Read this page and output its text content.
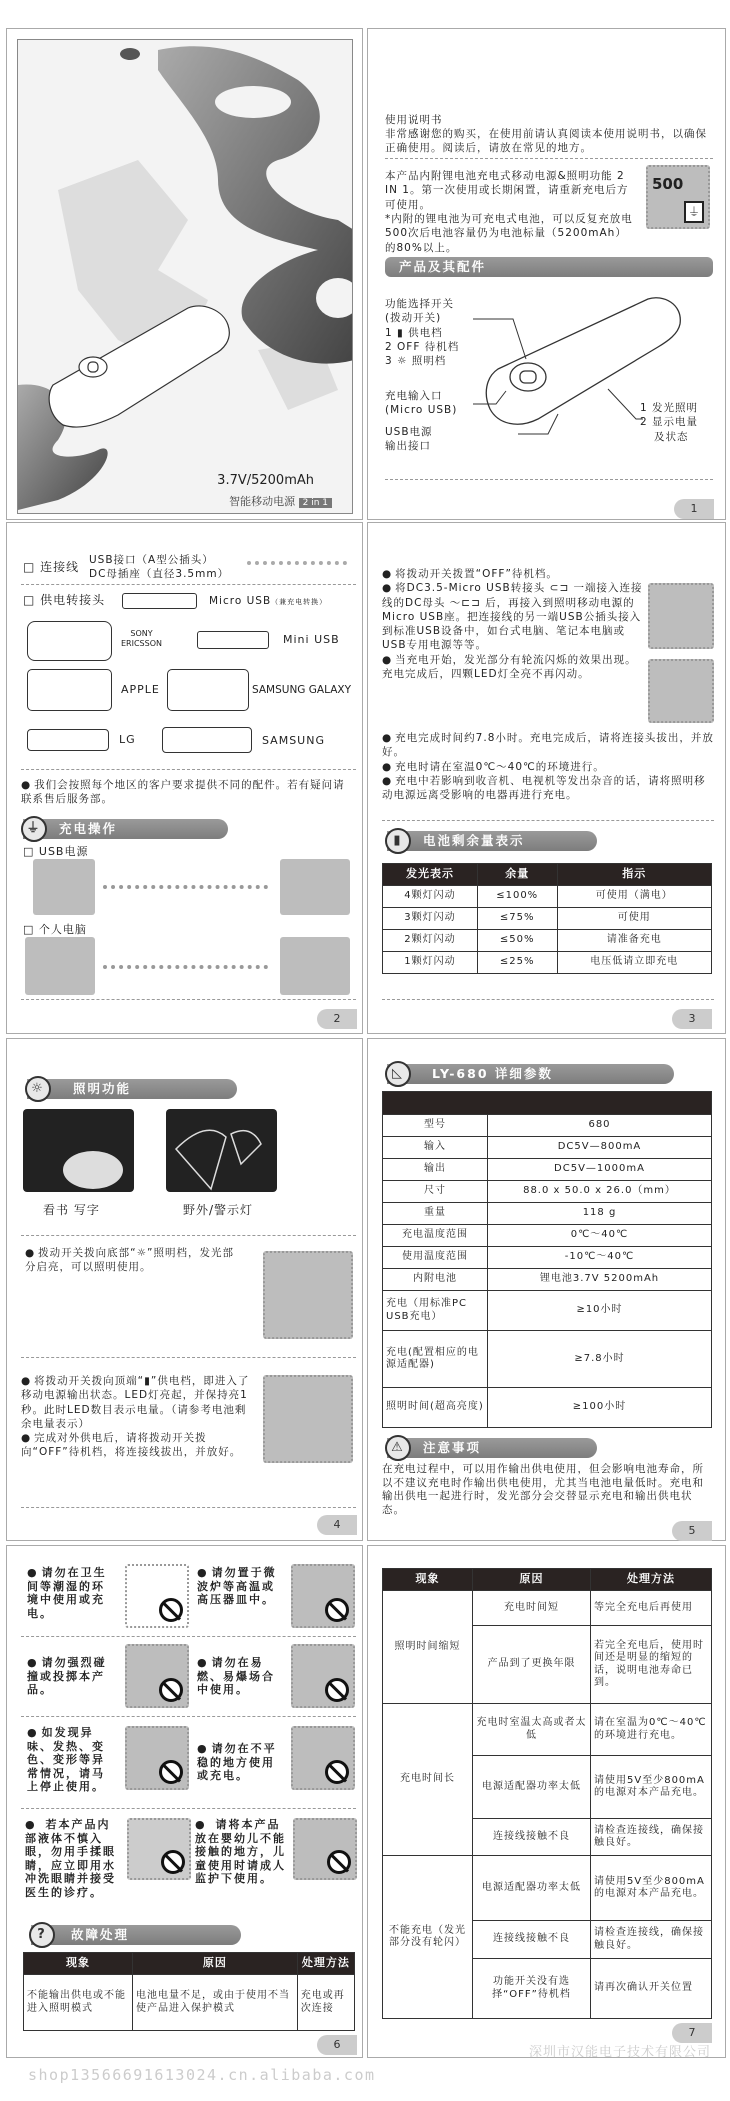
3.7V/5200mAh
智能移动电源 2 in 1
使用说明书
非常感谢您的购买，在使用前请认真阅读本使用说明书，以确保正确使用。阅读后，请放在常见的地方。
本产品内附锂电池充电式移动电源&照明功能 2 IN 1。第一次使用或长期闲置，请重新充电后方可使用。
*内附的锂电池为可充电式电池，可以反复充放电500次后电池容量仍为电池标量（5200mAh）的80%以上。
⏚
500
产品及其配件
功能选择开关
(拨动开关)
1 ▮ 供电档
2 OFF 待机档
3 ☼ 照明档
充电输入口
(Micro USB)
USB电源
输出接口
1 发光照明
2 显示电量
及状态
1
□ 连接线 USB接口（A型公插头）
DC母插座（直径3.5mm）
□ 供电转接头	Micro USB（兼充电转换）
SONY
ERICSSON	Mini USB
APPLE	SAMSUNG GALAXY
LG	SAMSUNG
● 我们会按照每个地区的客户要求提供不同的配件。若有疑问请联系售后服务部。
充电操作
⏚
□ USB电源
□ 个人电脑
2
● 将拨动开关拨置“OFF”待机档。
● 将DC3.5-Micro USB转接头 ⊂⊐ 一端接入连接线的DC母头 ～⊏⊐ 后，再接入到照明移动电源的Micro USB座。把连接线的另一端USB公插头接入到标准USB设备中，如台式电脑、笔记本电脑或USB专用电源等等。
● 当充电开始，发光部分有轮流闪烁的效果出现。充电完成后，四颗LED灯全亮不再闪动。
● 充电完成时间约7.8小时。充电完成后，请将连接头拔出，并放好。
● 充电时请在室温0℃～40℃的环境进行。
● 充电中若影响到收音机、电视机等发出杂音的话，请将照明移动电源远离受影响的电器再进行充电。
电池剩余量表示
▮
发光表示	余量	指示
4颗灯闪动	≤100%	可使用（满电）
3颗灯闪动	≤75%	可使用
2颗灯闪动	≤50%	请准备充电
1颗灯闪动	≤25%	电压低请立即充电
3
照明功能
☼
看书 写字	野外/警示灯
● 拨动开关拨向底部“☼”照明档，发光部分启亮，可以照明使用。
● 将拨动开关拨向顶端“▮”供电档，即进入了移动电源输出状态。LED灯亮起，并保持亮1秒。此时LED数目表示电量。（请参考电池剩余电量表示）
● 完成对外供电后，请将拨动开关拨向“OFF”待机档，将连接线拔出，并放好。
4
LY-680 详细参数
◺

型号	680
输入	DC5V—800mA
输出	DC5V—1000mA
尺寸	88.0 x 50.0 x 26.0（mm）
重量	118 g
充电温度范围	0℃～40℃
使用温度范围	-10℃～40℃
内附电池	锂电池3.7V 5200mAh
充电（用标准PC USB充电）	≥10小时
充电(配置相应的电源适配器)	≥7.8小时
照明时间(超高亮度)	≥100小时
注意事项
⚠
在充电过程中，可以用作输出供电使用，但会影响电池寿命，所以不建议充电时作输出供电使用，尤其当电池电量低时。充电和输出供电一起进行时，发光部分会交替显示充电和输出供电状态。
5
● 请勿在卫生间等潮湿的环境中使用或充电。
● 请勿置于微波炉等高温或高压器皿中。
● 请勿强烈碰撞或投掷本产品。
● 请勿在易燃、易爆场合中使用。
● 如发现异味、发热、变色、变形等异常情况，请马上停止使用。
● 请勿在不平稳的地方使用或充电。

● 若本产品内部液体不慎入眼，勿用手揉眼睛，应立即用水冲洗眼睛并接受医生的诊疗。

● 请将本产品放在婴幼儿不能接触的地方，儿童使用时请成人监护下使用。
故障处理
?
现象	原因	处理方法
不能输出供电或不能进入照明模式	电池电量不足，或由于使用不当使产品进入保护模式	充电或再次连接
6
现象	原因	处理方法
照明时间缩短	充电时间短	等完全充电后再使用
	产品到了更换年限	若完全充电后，使用时间还是明显的缩短的话，说明电池寿命已到。
充电时间长	充电时室温太高或者太低	请在室温为0℃～40℃的环境进行充电。
	电源适配器功率太低	请使用5V至少800mA的电源对本产品充电。
	连接线接触不良	请检查连接线，确保接触良好。
不能充电（发光部分没有轮闪）	电源适配器功率太低	请使用5V至少800mA的电源对本产品充电。
	连接线接触不良	请检查连接线，确保接触良好。
	功能开关没有选择“OFF”待机档	请再次确认开关位置
7
深圳市汉能电子技术有限公司
shop13566691613024.cn.alibaba.com
